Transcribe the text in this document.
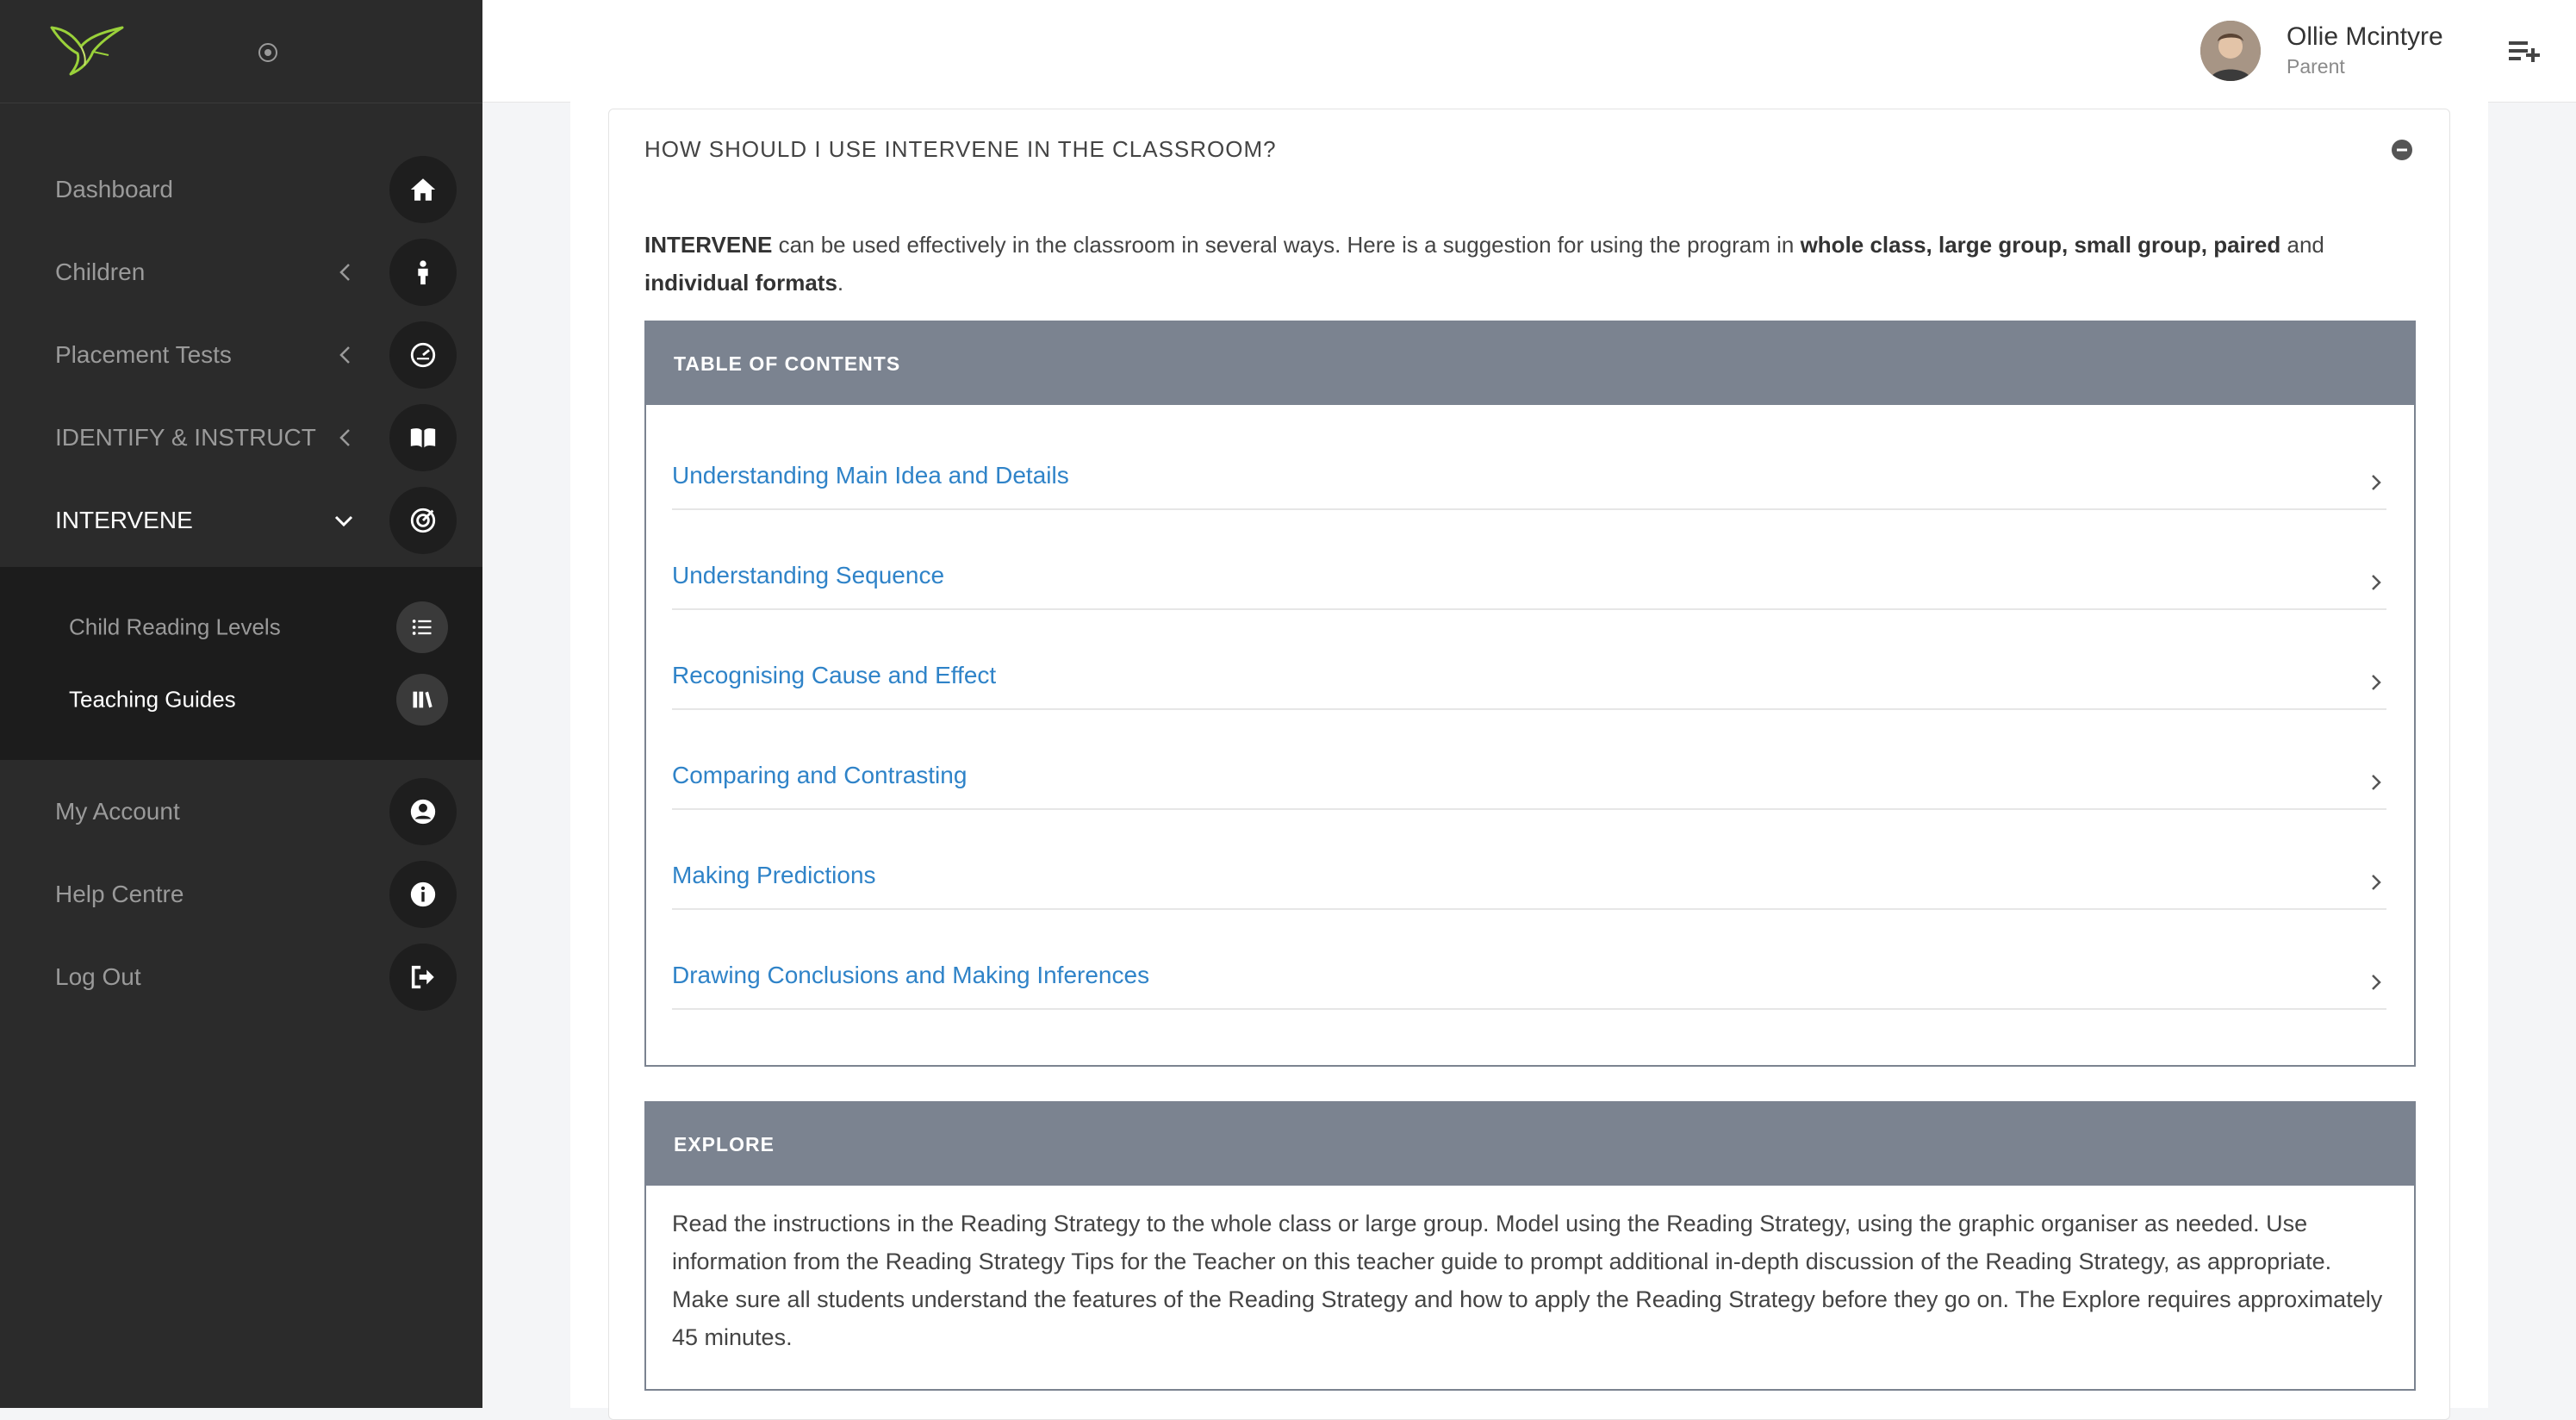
Dashboard
Children
Placement Tests
IDENTIFY & INSTRUCT
INTERVENE
Child Reading Levels
Teaching Guides
My Account
Help Centre
Log Out
Ollie Mcintyre
Parent
HOW SHOULD I USE INTERVENE IN THE CLASSROOM?
INTERVENE can be used effectively in the classroom in several ways. Here is a suggestion for using the program in whole class, large group, small group, paired and individual formats.
TABLE OF CONTENTS
Understanding Main Idea and Details
Understanding Sequence
Recognising Cause and Effect
Comparing and Contrasting
Making Predictions
Drawing Conclusions and Making Inferences
EXPLORE
Read the instructions in the Reading Strategy to the whole class or large group. Model using the Reading Strategy, using the graphic organiser as needed. Use information from the Reading Strategy Tips for the Teacher on this teacher guide to prompt additional in-depth discussion of the Reading Strategy, as appropriate. Make sure all students understand the features of the Reading Strategy and how to apply the Reading Strategy before they go on. The Explore requires approximately 45 minutes.
